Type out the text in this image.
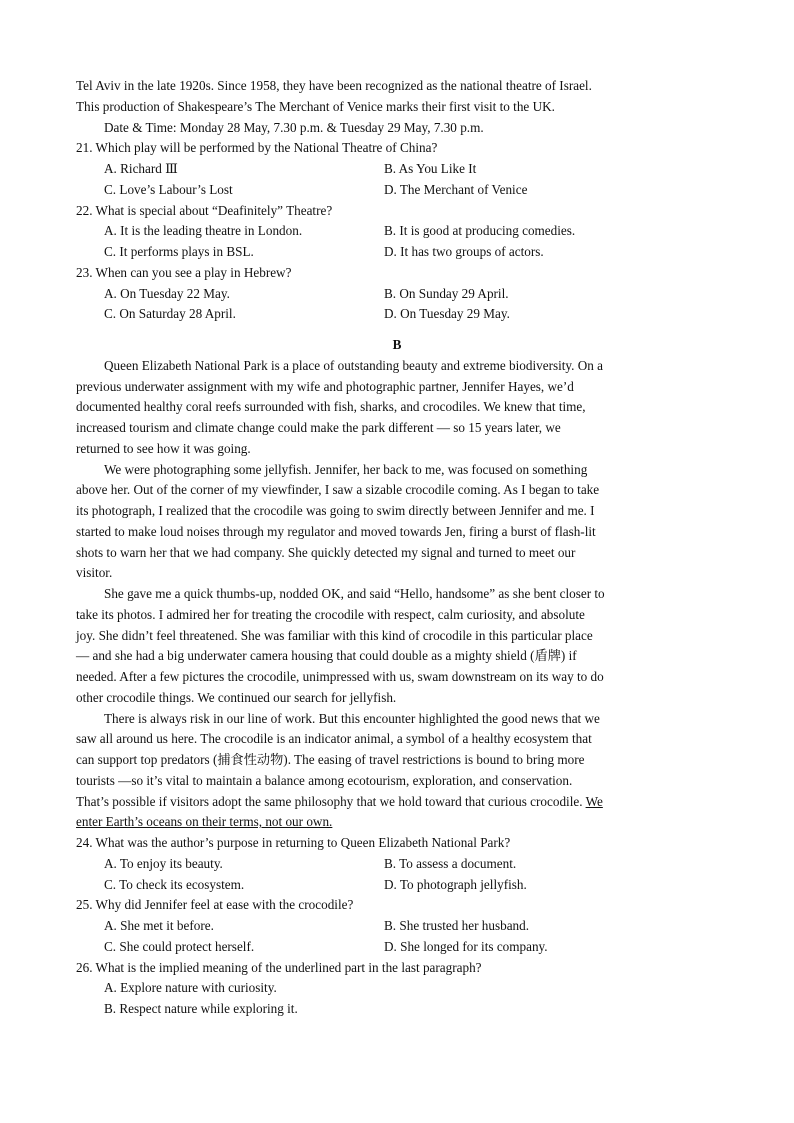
Tel Aviv in the late 1920s. Since 1958, they have been recognized as the national theatre of Israel.
This production of Shakespeare’s The Merchant of Venice marks their first visit to the UK.
Date & Time: Monday 28 May, 7.30 p.m. & Tuesday 29 May, 7.30 p.m.
21. Which play will be performed by the National Theatre of China?
A. Richard Ⅲ	B. As You Like It
C. Love’s Labour’s Lost	D. The Merchant of Venice
22. What is special about “Deafinitely” Theatre?
A. It is the leading theatre in London.	B. It is good at producing comedies.
C. It performs plays in BSL.	D. It has two groups of actors.
23. When can you see a play in Hebrew?
A. On Tuesday 22 May.	B. On Sunday 29 April.
C. On Saturday 28 April.	D. On Tuesday 29 May.
B
Queen Elizabeth National Park is a place of outstanding beauty and extreme biodiversity. On a
previous underwater assignment with my wife and photographic partner, Jennifer Hayes, we’d
documented healthy coral reefs surrounded with fish, sharks, and crocodiles. We knew that time,
increased tourism and climate change could make the park different — so 15 years later, we
returned to see how it was going.
We were photographing some jellyfish. Jennifer, her back to me, was focused on something
above her. Out of the corner of my viewfinder, I saw a sizable crocodile coming. As I began to take
its photograph, I realized that the crocodile was going to swim directly between Jennifer and me. I
started to make loud noises through my regulator and moved towards Jen, firing a burst of flash-lit
shots to warn her that we had company. She quickly detected my signal and turned to meet our
visitor.
She gave me a quick thumbs-up, nodded OK, and said “Hello, handsome” as she bent closer to
take its photos. I admired her for treating the crocodile with respect, calm curiosity, and absolute
joy. She didn’t feel threatened. She was familiar with this kind of crocodile in this particular place
— and she had a big underwater camera housing that could double as a mighty shield (盾牌) if
needed. After a few pictures the crocodile, unimpressed with us, swam downstream on its way to do
other crocodile things. We continued our search for jellyfish.
There is always risk in our line of work. But this encounter highlighted the good news that we
saw all around us here. The crocodile is an indicator animal, a symbol of a healthy ecosystem that
can support top predators (捕食性动物). The easing of travel restrictions is bound to bring more
tourists —so it’s vital to maintain a balance among ecotourism, exploration, and conservation.
That’s possible if visitors adopt the same philosophy that we hold toward that curious crocodile. We
enter Earth’s oceans on their terms, not our own.
24. What was the author’s purpose in returning to Queen Elizabeth National Park?
A. To enjoy its beauty.	B. To assess a document.
C. To check its ecosystem.	D. To photograph jellyfish.
25. Why did Jennifer feel at ease with the crocodile?
A. She met it before.	B. She trusted her husband.
C. She could protect herself.	D. She longed for its company.
26. What is the implied meaning of the underlined part in the last paragraph?
A. Explore nature with curiosity.
B. Respect nature while exploring it.
